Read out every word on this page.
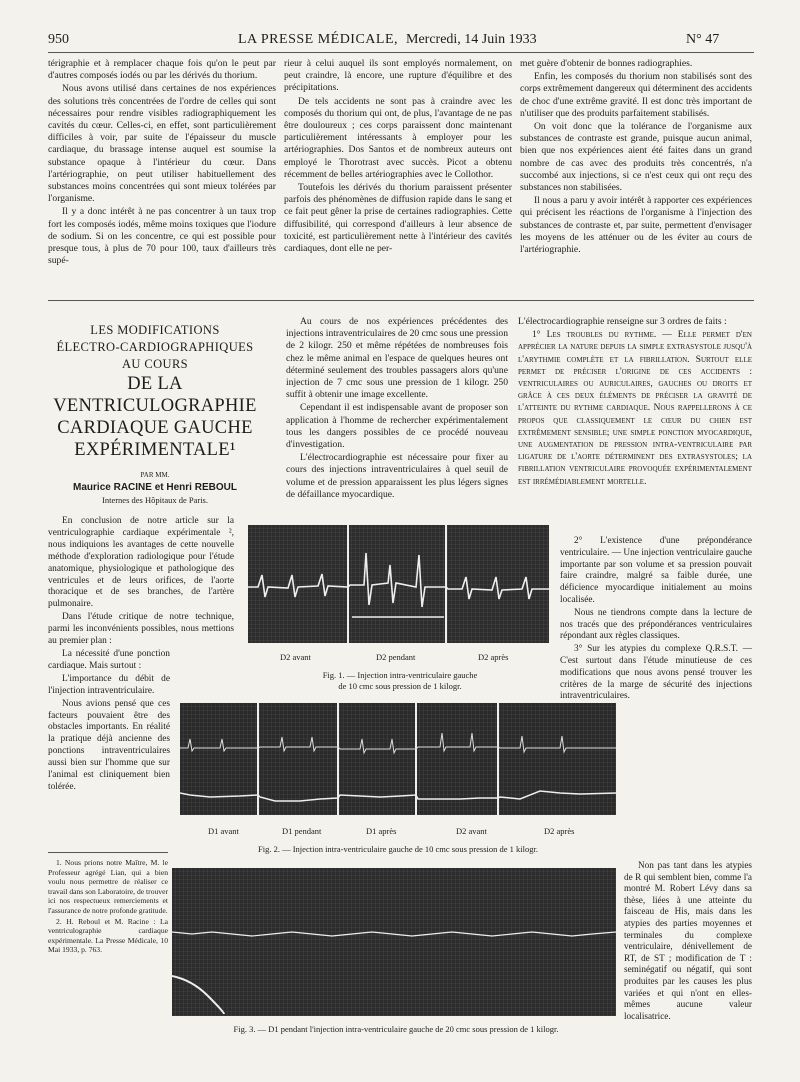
950	LA PRESSE MÉDICALE, Mercredi, 14 Juin 1933	N° 47

térigraphie et à remplacer chaque fois qu'on le peut par d'autres composés iodés ou par les dérivés du thorium.

Nous avons utilisé dans certaines de nos expériences des solutions très concentrées de l'ordre de celles qui sont nécessaires pour rendre visibles radiographiquement les cavités du cœur. Celles-ci, en effet, sont particulièrement difficiles à voir, par suite de l'épaisseur du muscle cardiaque, du brassage intense auquel est soumise la substance opaque à l'intérieur du cœur. Dans l'artériographie, on peut utiliser habituellement des substances moins concentrées qui sont mieux tolérées par l'organisme.

Il y a donc intérêt à ne pas concentrer à un taux trop fort les composés iodés, même moins toxiques que l'iodure de sodium. Si on les concentre, ce qui est possible pour presque tous, à plus de 70 pour 100, taux d'ailleurs très supé-

rieur à celui auquel ils sont employés normalement, on peut craindre, là encore, une rupture d'équilibre et des précipitations.

De tels accidents ne sont pas à craindre avec les composés du thorium qui ont, de plus, l'avantage de ne pas être douloureux ; ces corps paraissent donc maintenant particulièrement intéressants à employer pour les artériographies. Dos Santos et de nombreux auteurs ont employé le Thorotrast avec succès. Picot a obtenu récemment de belles artériographies avec le Collothor.

Toutefois les dérivés du thorium paraissent présenter parfois des phénomènes de diffusion rapide dans le sang et ce fait peut gêner la prise de certaines radiographies. Cette diffusibilité, qui correspond d'ailleurs à leur absence de toxicité, est particulièrement nette à l'intérieur des cavités cardiaques, dont elle ne per-

met guère d'obtenir de bonnes radiographies.

Enfin, les composés du thorium non stabilisés sont des corps extrêmement dangereux qui déterminent des accidents de choc d'une extrême gravité. Il est donc très important de n'utiliser que des produits parfaitement stabilisés.

On voit donc que la tolérance de l'organisme aux substances de contraste est grande, puisque aucun animal, bien que nos expériences aient été faites dans un grand nombre de cas avec des produits très concentrés, n'a succombé aux injections, si ce n'est ceux qui ont reçu des substances non stabilisées.

Il nous a paru y avoir intérêt à rapporter ces expériences qui précisent les réactions de l'organisme à l'injection des substances de contraste et, par suite, permettent d'envisager les moyens de les atténuer ou de les éviter au cours de l'artériographie.

LES MODIFICATIONS
ÉLECTRO-CARDIOGRAPHIQUES
AU COURS
DE LA VENTRICULOGRAPHIE
CARDIAQUE GAUCHE
EXPÉRIMENTALE¹
PAR MM.
Maurice RACINE et Henri REBOUL
Internes des Hôpitaux de Paris.

En conclusion de notre article sur la ventriculographie cardiaque expérimentale ², nous indiquions les avantages de cette nouvelle méthode d'exploration radiologique pour l'étude anatomique, physiologique et pathologique des ventricules et de leurs orifices, de l'aorte thoracique et de ses branches, de l'artère pulmonaire.

Dans l'étude critique de notre technique, parmi les inconvénients possibles, nous mettions au premier plan :

La nécessité d'une ponction cardiaque. Mais surtout :

L'importance du débit de l'injection intraventriculaire.

Nous avions pensé que ces facteurs pouvaient être des obstacles importants. En réalité la pratique déjà ancienne des ponctions intraventriculaires aussi bien sur l'homme que sur l'animal est cliniquement bien tolérée.

1. Nous prions notre Maître, M. le Professeur agrégé Lian, qui a bien voulu nous permettre de réaliser ce travail dans son Laboratoire, de trouver ici nos respectueux remerciements et l'assurance de notre profonde gratitude.

2. H. Reboul et M. Racine : La ventriculographie cardiaque expérimentale. La Presse Médicale, 10 Mai 1933, p. 763.

Au cours de nos expériences précédentes des injections intraventriculaires de 20 cmc sous une pression de 2 kilogr. 250 et même répétées de nombreuses fois chez le même animal en l'espace de quelques heures ont déterminé seulement des troubles passagers alors qu'une injection de 7 cmc sous une pression de 1 kilogr. 250 suffit à obtenir une image excellente.

Cependant il est indispensable avant de proposer son application à l'homme de rechercher expérimentalement tous les dangers possibles de ce procédé nouveau d'investigation.

L'électrocardiographie est nécessaire pour fixer au cours des injections intraventriculaires à quel seuil de volume et de pression apparaissent les plus légers signes de défaillance myocardique.

L'électrocardiographie renseigne sur 3 ordres de faits :

1° Les troubles du rythme. — Elle permet d'en apprécier la nature depuis la simple extrasystole jusqu'à l'arythmie complète et la fibrillation. Surtout elle permet de préciser l'origine de ces accidents : ventriculaires ou auriculaires, gauches ou droits et grâce à ces deux éléments de préciser la gravité de l'atteinte du rythme cardiaque. Nous rappellerons à ce propos que classiquement le cœur du chien est extrêmement sensible; une simple ponction myocardique, une augmentation de pression intra-ventriculaire par ligature de l'aorte déterminent des extrasystoles; la fibrillation ventriculaire provoquée expérimentalement est irrémédiablement mortelle.

2° L'existence d'une prépondérance ventriculaire. — Une injection ventriculaire gauche importante par son volume et sa pression pouvait faire craindre, malgré sa faible durée, une déficience myocardique initialement au moins localisée.

Nous ne tiendrons compte dans la lecture de nos tracés que des prépondérances ventriculaires répondant aux règles classiques.

3° Sur les atypies du complexe Q.R.S.T. — C'est surtout dans l'étude minutieuse de ces modifications que nous avons pensé trouver les critères de la marge de sécurité des injections intraventriculaires.

Non pas tant dans les atypies de R qui semblent bien, comme l'a montré M. Robert Lévy dans sa thèse, liées à une atteinte du faisceau de His, mais dans les atypies des parties moyennes et terminales du complexe ventriculaire, dénivellement de RT, de ST ; modification de T : seminégatif ou négatif, qui sont produites par les causes les plus variées et qui n'ont en elles-mêmes aucune valeur localisatrice.

D2 avant	D2 pendant	D2 après
Fig. 1. — Injection intra-ventriculaire gauche
de 10 cmc sous pression de 1 kilogr.
D1 avant	D1 pendant	D1 après	D2 avant	D2 après
Fig. 2. — Injection intra-ventriculaire gauche de 10 cmc sous pression de 1 kilogr.
Fig. 3. — D1 pendant l'injection intra-ventriculaire gauche de 20 cmc sous pression de 1 kilogr.
